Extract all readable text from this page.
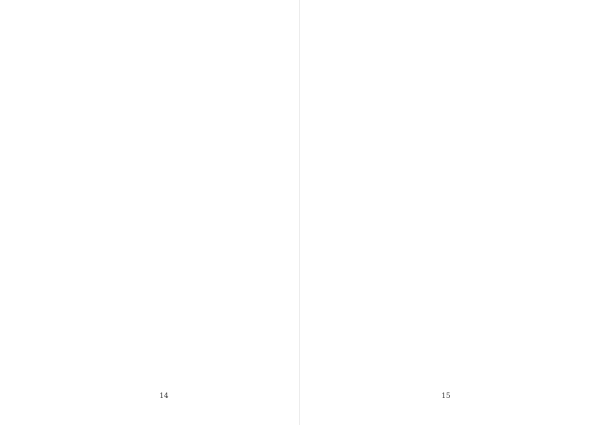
14	15
